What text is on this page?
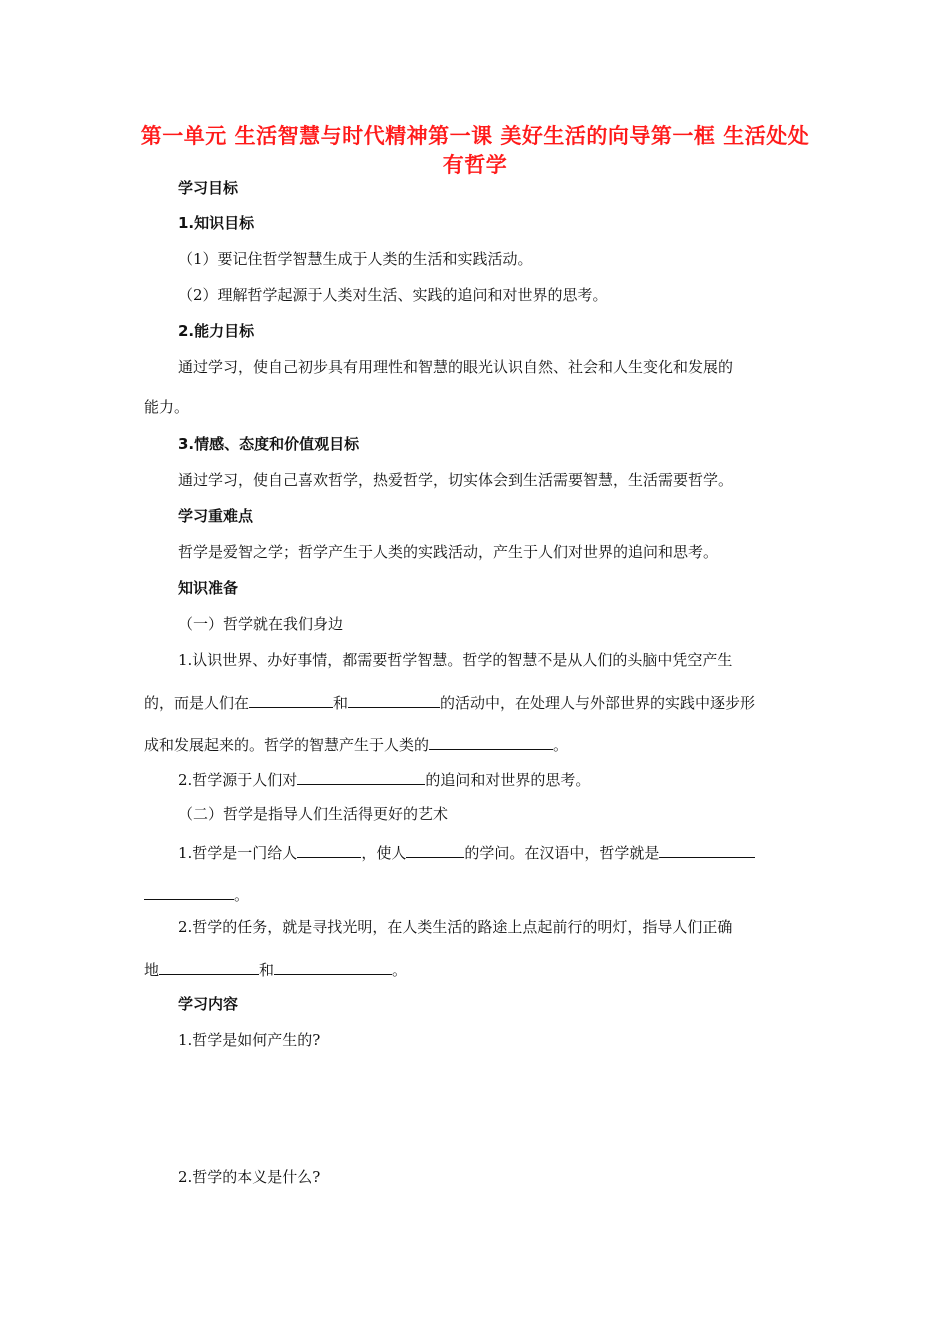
第一单元 生活智慧与时代精神第一课 美好生活的向导第一框 生活处处有哲学
学习目标
1.知识目标
（1）要记住哲学智慧生成于人类的生活和实践活动。
（2）理解哲学起源于人类对生活、实践的追问和对世界的思考。
2.能力目标
通过学习，使自己初步具有用理性和智慧的眼光认识自然、社会和人生变化和发展的
能力。
3.情感、态度和价值观目标
通过学习，使自己喜欢哲学，热爱哲学，切实体会到生活需要智慧，生活需要哲学。
学习重难点
哲学是爱智之学；哲学产生于人类的实践活动，产生于人们对世界的追问和思考。
知识准备
（一）哲学就在我们身边
1.认识世界、办好事情，都需要哲学智慧。哲学的智慧不是从人们的头脑中凭空产生
的，而是人们在	和	的活动中，在处理人与外部世界的实践中逐步形
成和发展起来的。哲学的智慧产生于人类的	。
2.哲学源于人们对	的追问和对世界的思考。
（二）哲学是指导人们生活得更好的艺术
1.哲学是一门给人	，使人	的学问。在汉语中，哲学就是
。
2.哲学的任务，就是寻找光明，在人类生活的路途上点起前行的明灯，指导人们正确
地	和	。
学习内容
1.哲学是如何产生的?
2.哲学的本义是什么?
